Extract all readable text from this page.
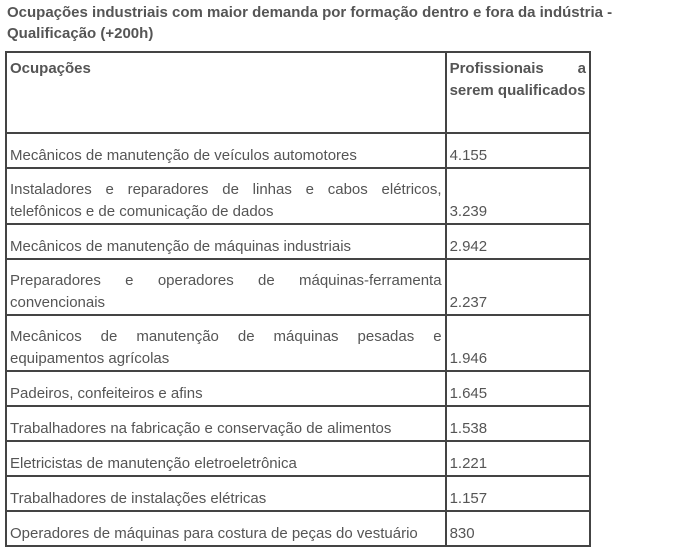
Ocupações industriais com maior demanda por formação dentro e fora da indústria -
Qualificação (+200h)
Ocupações	Profissionais a serem qualificados
Mecânicos de manutenção de veículos automotores	4.155
Instaladores e reparadores de linhas e cabos elétricos, telefônicos e de comunicação de dados	3.239
Mecânicos de manutenção de máquinas industriais	2.942
Preparadores e operadores de máquinas-ferramenta convencionais	2.237
Mecânicos de manutenção de máquinas pesadas e equipamentos agrícolas	1.946
Padeiros, confeiteiros e afins	1.645
Trabalhadores na fabricação e conservação de alimentos	1.538
Eletricistas de manutenção eletroeletrônica	1.221
Trabalhadores de instalações elétricas	1.157
Operadores de máquinas para costura de peças do vestuário	830
